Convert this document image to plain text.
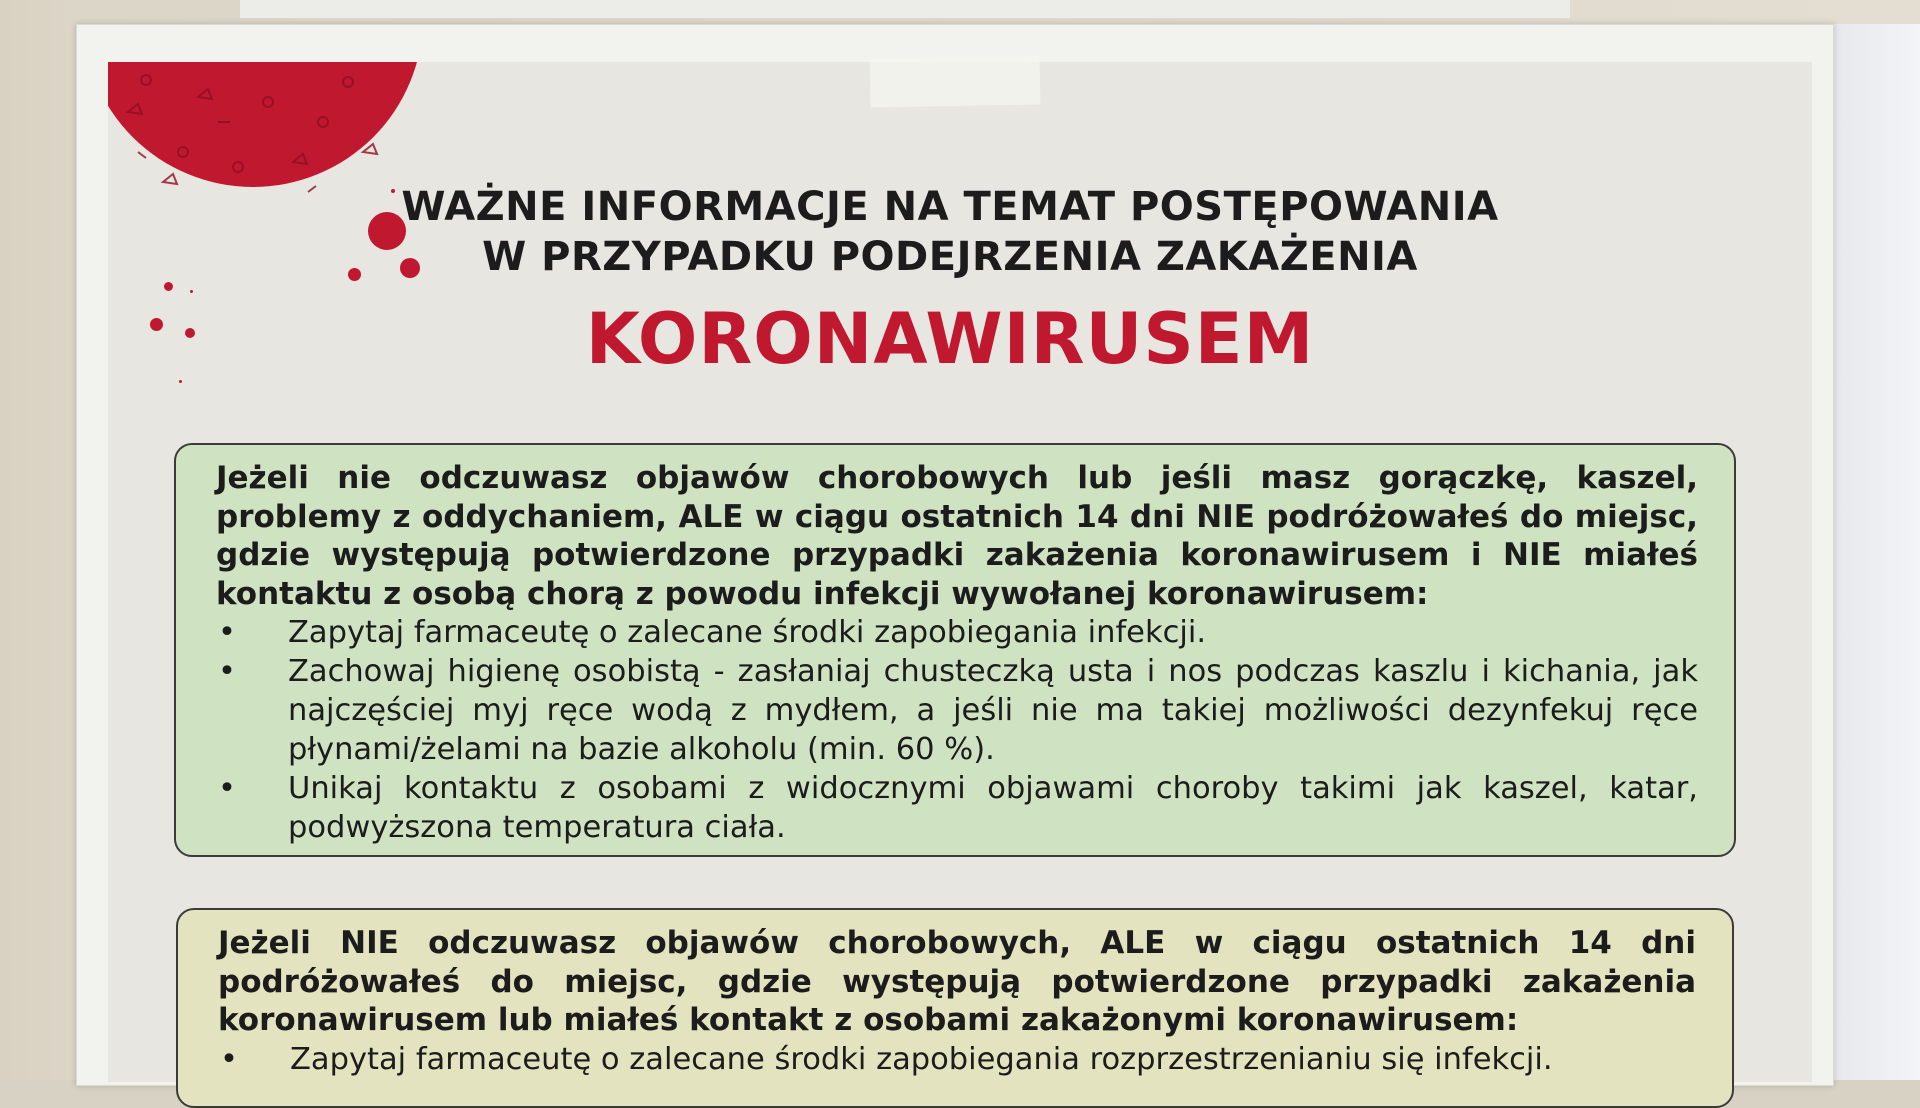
WAŻNE INFORMACJE NA TEMAT POSTĘPOWANIA
W PRZYPADKU PODEJRZENIA ZAKAŻENIA
KORONAWIRUSEM

Jeżeli nie odczuwasz objawów chorobowych lub jeśli masz gorączkę, kaszel, problemy z oddychaniem, ALE w ciągu ostatnich 14 dni NIE podróżowałeś do miejsc, gdzie występują potwierdzone przypadki zakażenia koronawirusem i NIE miałeś kontaktu z osobą chorą z powodu infekcji wywołanej koronawirusem:

• Zapytaj farmaceutę o zalecane środki zapobiegania infekcji.
• Zachowaj higienę osobistą - zasłaniaj chusteczką usta i nos podczas kaszlu i kichania, jak najczęściej myj ręce wodą z mydłem, a jeśli nie ma takiej możliwości dezynfekuj ręce płynami/żelami na bazie alkoholu (min. 60 %).
• Unikaj kontaktu z osobami z widocznymi objawami choroby takimi jak kaszel, katar, podwyższona temperatura ciała.

Jeżeli NIE odczuwasz objawów chorobowych, ALE w ciągu ostatnich 14 dni podróżowałeś do miejsc, gdzie występują potwierdzone przypadki zakażenia koronawirusem lub miałeś kontakt z osobami zakażonymi koronawirusem:

• Zapytaj farmaceutę o zalecane środki zapobiegania rozprzestrzenianiu się infekcji.
